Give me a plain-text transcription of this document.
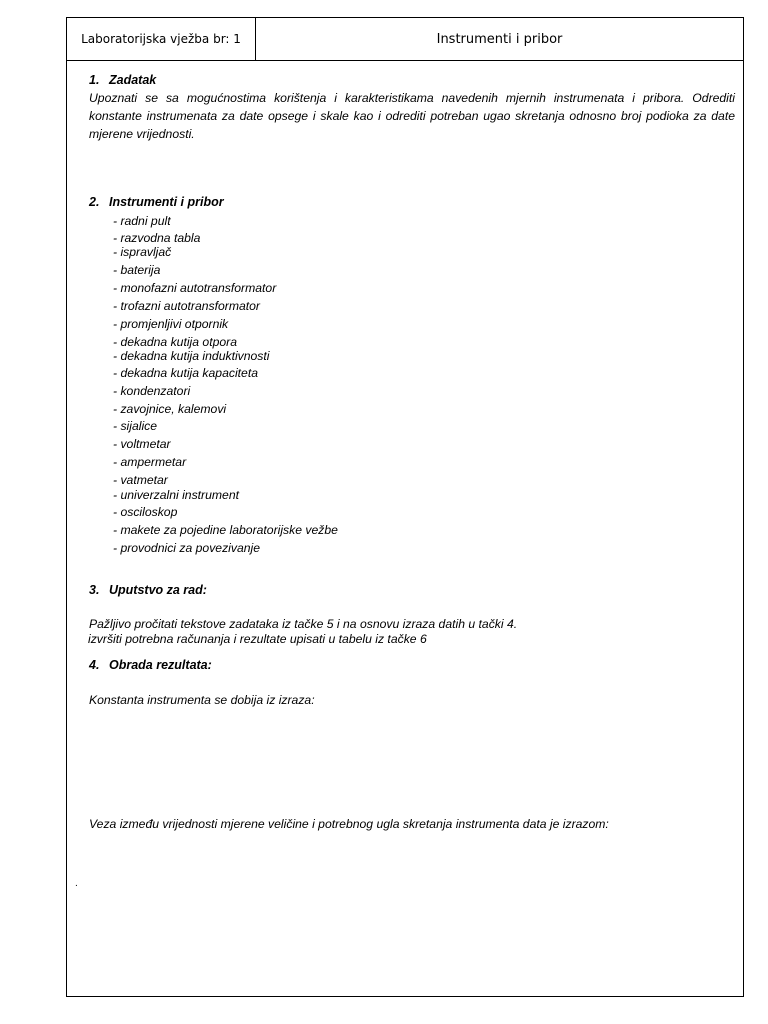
Laboratorijska vježba br: 1	Instrumenti i pribor
1. Zadatak
Upoznati se sa mogućnostima korištenja i karakteristikama navedenih mjernih instrumenata i pribora. Odrediti konstante instrumenata za date opsege i skale kao i odrediti potreban ugao skretanja odnosno broj podioka za date mjerene vrijednosti.
2. Instrumenti i pribor
- radni pult
- razvodna tabla
- ispravljač
- baterija
- monofazni autotransformator
- trofazni autotransformator
- promjenljivi otpornik
- dekadna kutija otpora
- dekadna kutija induktivnosti
- dekadna kutija kapaciteta
- kondenzatori
- zavojnice, kalemovi
- sijalice
- voltmetar
- ampermetar
- vatmetar
- univerzalni instrument
- osciloskop
- makete za pojedine laboratorijske vežbe
- provodnici za povezivanje
3. Uputstvo za rad:
Pažljivo pročitati tekstove zadataka iz tačke 5 i na osnovu izraza datih u tački 4.
izvršiti potrebna računanja i rezultate upisati u tabelu iz tačke 6
4. Obrada rezultata:
Konstanta instrumenta se dobija iz izraza:
Veza između vrijednosti mjerene veličine i potrebnog ugla skretanja instrumenta data je izrazom:
.
